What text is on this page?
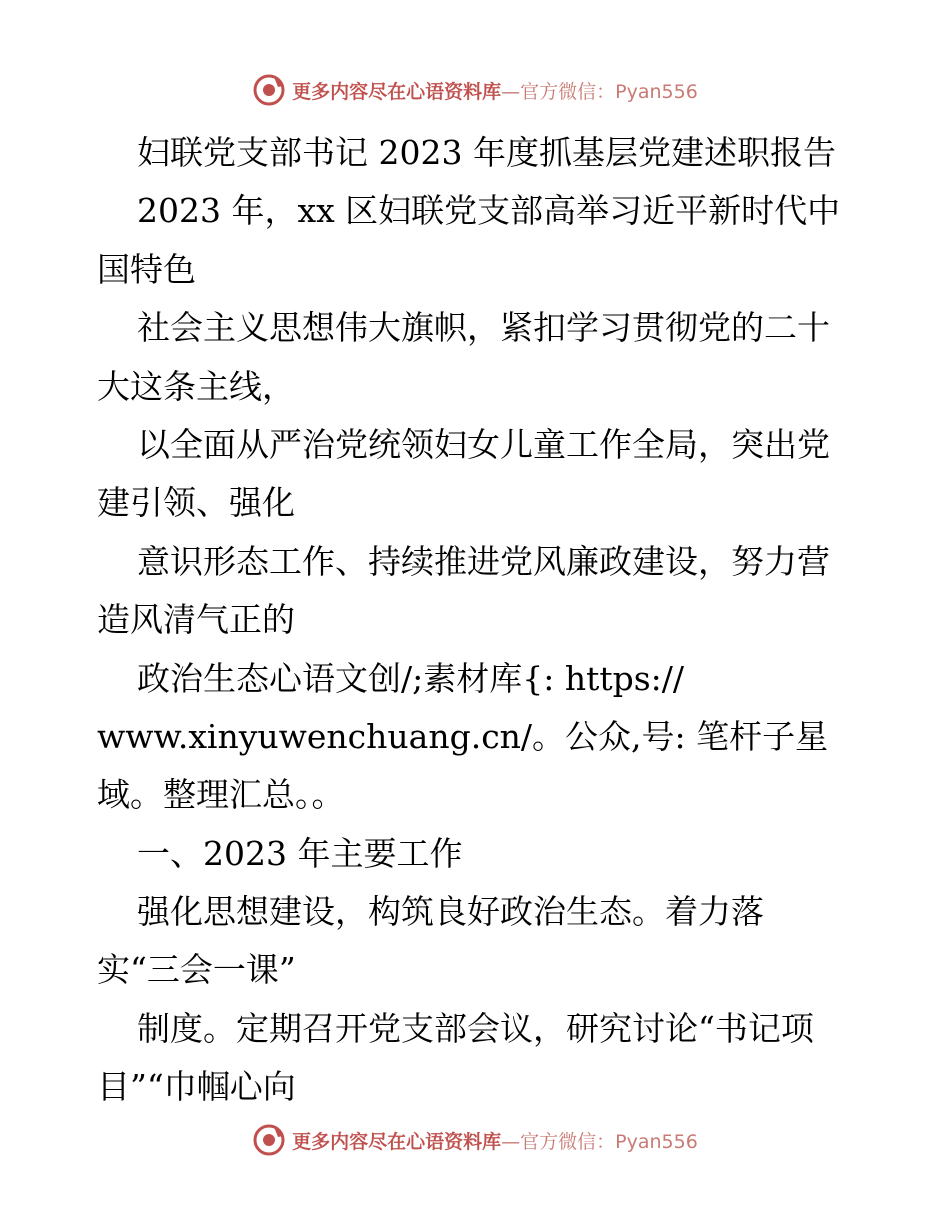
更多内容尽在心语资料库—官方微信：Pyan556
妇联党支部书记 2023 年度抓基层党建述职报告
2023 年，xx 区妇联党支部高举习近平新时代中
国特色
社会主义思想伟大旗帜，紧扣学习贯彻党的二十
大这条主线，
以全面从严治党统领妇女儿童工作全局，突出党
建引领、强化
意识形态工作、持续推进党风廉政建设，努力营
造风清气正的
政治生态心语文创/;素材库{: https://
www.xinyuwenchuang.cn/。公众,号: 笔杆子星
域。整理汇总。。
一、2023 年主要工作
强化思想建设，构筑良好政治生态。着力落
实“三会一课”
制度。定期召开党支部会议，研究讨论“书记项
目”“巾帼心向
更多内容尽在心语资料库—官方微信：Pyan556
